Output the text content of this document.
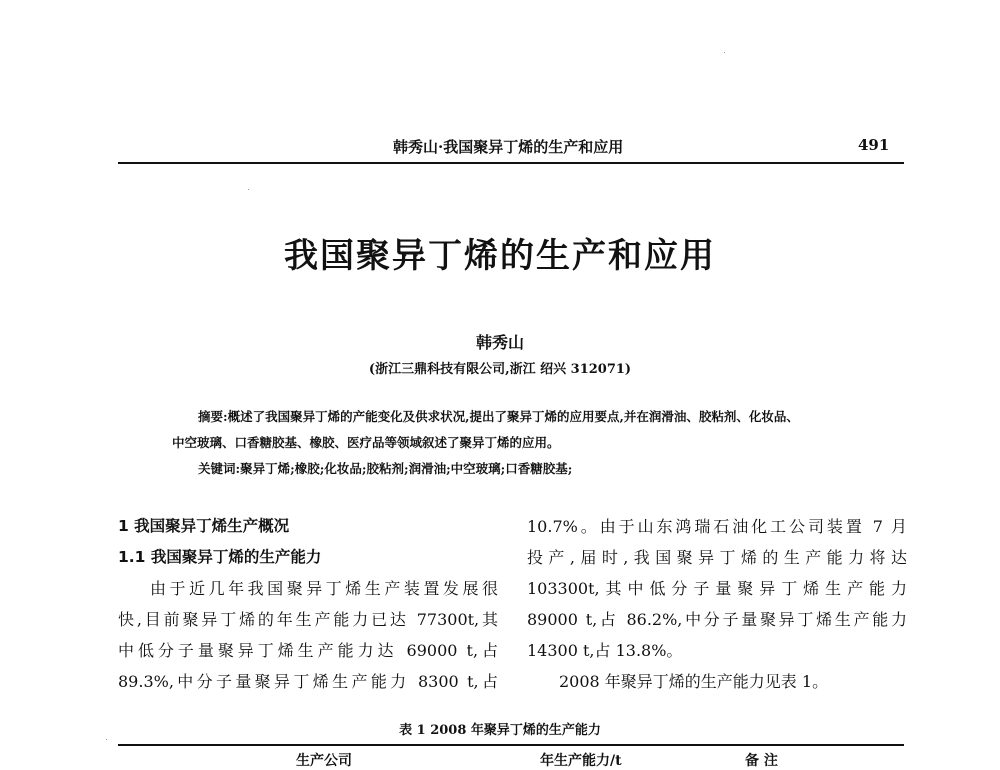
韩秀山·我国聚异丁烯的生产和应用	491
我国聚异丁烯的生产和应用
韩秀山
(浙江三鼎科技有限公司,浙江 绍兴 312071)
摘要:概述了我国聚异丁烯的产能变化及供求状况,提出了聚异丁烯的应用要点,并在润滑油、胶粘剂、化妆品、
中空玻璃、口香糖胶基、橡胶、医疗品等领域叙述了聚异丁烯的应用。
关键词:聚异丁烯;橡胶;化妆品;胶粘剂;润滑油;中空玻璃;口香糖胶基;
1 我国聚异丁烯生产概况
1.1 我国聚异丁烯的生产能力
由于近几年我国聚异丁烯生产装置发展很
快,目前聚异丁烯的年生产能力已达 77300t,其
中低分子量聚异丁烯生产能力达 69000 t,占
89.3%,中分子量聚异丁烯生产能力 8300 t,占
10.7%。由于山东鸿瑞石油化工公司装置 7 月
投产,届时,我国聚异丁烯的生产能力将达
103300t,其中低分子量聚异丁烯生产能力
89000 t,占 86.2%,中分子量聚异丁烯生产能力
14300 t,占 13.8%。
2008 年聚异丁烯的生产能力见表 1。
表 1 2008 年聚异丁烯的生产能力
生产公司	年生产能力/t	备 注
